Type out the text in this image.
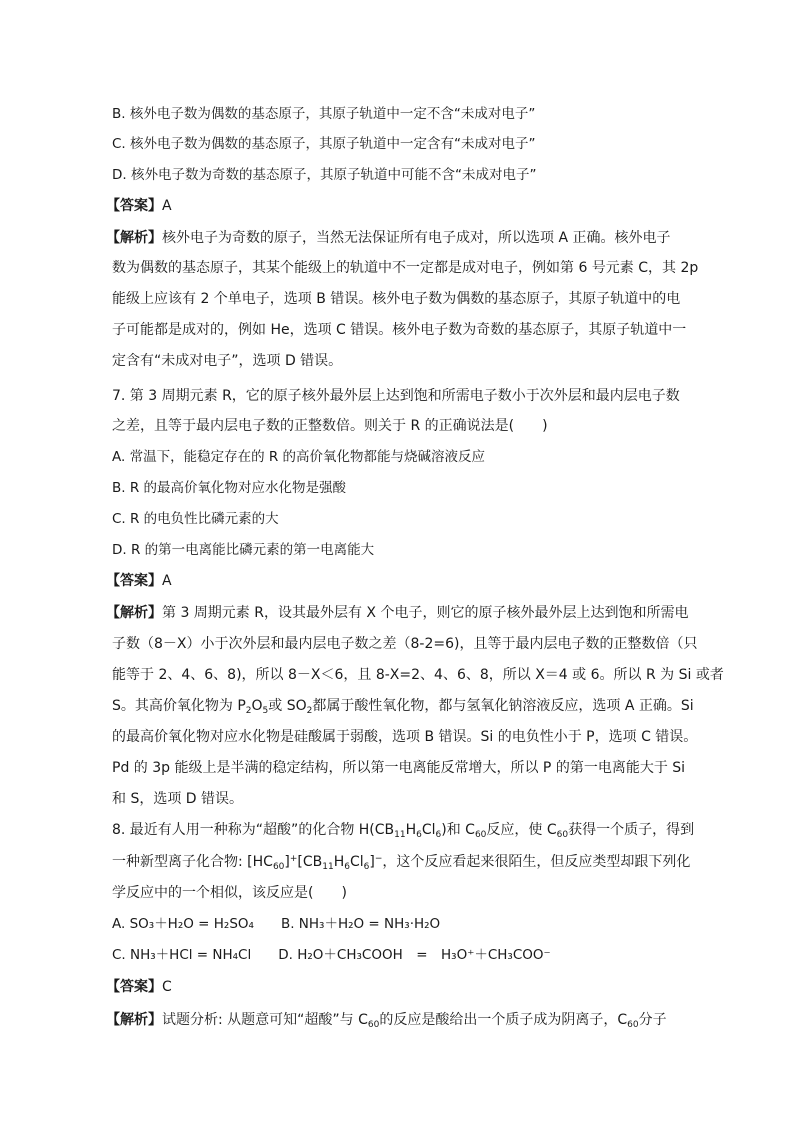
B. 核外电子数为偶数的基态原子，其原子轨道中一定不含“未成对电子”
C. 核外电子数为偶数的基态原子，其原子轨道中一定含有“未成对电子”
D. 核外电子数为奇数的基态原子，其原子轨道中可能不含“未成对电子”
【答案】A
【解析】核外电子为奇数的原子，当然无法保证所有电子成对，所以选项 A 正确。核外电子
数为偶数的基态原子，其某个能级上的轨道中不一定都是成对电子，例如第 6 号元素 C，其 2p
能级上应该有 2 个单电子，选项 B 错误。核外电子数为偶数的基态原子，其原子轨道中的电
子可能都是成对的，例如 He，选项 C 错误。核外电子数为奇数的基态原子，其原子轨道中一
定含有“未成对电子”，选项 D 错误。
7. 第 3 周期元素 R，它的原子核外最外层上达到饱和所需电子数小于次外层和最内层电子数
之差，且等于最内层电子数的正整数倍。则关于 R 的正确说法是(　　)
A. 常温下，能稳定存在的 R 的高价氧化物都能与烧碱溶液反应
B. R 的最高价氧化物对应水化物是强酸
C. R 的电负性比磷元素的大
D. R 的第一电离能比磷元素的第一电离能大
【答案】A
【解析】第 3 周期元素 R，设其最外层有 X 个电子，则它的原子核外最外层上达到饱和所需电
子数（8－X）小于次外层和最内层电子数之差（8-2=6)，且等于最内层电子数的正整数倍（只
能等于 2、4、6、8)，所以 8－X＜6，且 8-X=2、4、6、8，所以 X＝4 或 6。所以 R 为 Si 或者
S。其高价氧化物为 $P_2O_5$或 $SO_2$都属于酸性氧化物，都与氢氧化钠溶液反应，选项 A 正确。Si
的最高价氧化物对应水化物是硅酸属于弱酸，选项 B 错误。Si 的电负性小于 P，选项 C 错误。
Pd 的 3p 能级上是半满的稳定结构，所以第一电离能反常增大，所以 P 的第一电离能大于 Si
和 S，选项 D 错误。
8. 最近有人用一种称为“超酸”的化合物 $H(CB_{11}H_6Cl_6)$和 $C_{60}$反应，使 $C_{60}$获得一个质子，得到
一种新型离子化合物: $[HC_{60}]^+[CB_{11}H_6Cl_6]^-$，这个反应看起来很陌生，但反应类型却跟下列化
学反应中的一个相似，该反应是(　　)
A. SO₃＋H₂O = H₂SO₄　　B. NH₃＋H₂O = NH₃·H₂O
C. NH₃＋HCl = NH₄Cl　　D. H₂O＋CH₃COOH　=　H₃O⁺＋CH₃COO⁻
【答案】C
【解析】试题分析: 从题意可知“超酸”与 $C_{60}$的反应是酸给出一个质子成为阴离子，$C_{60}$分子
